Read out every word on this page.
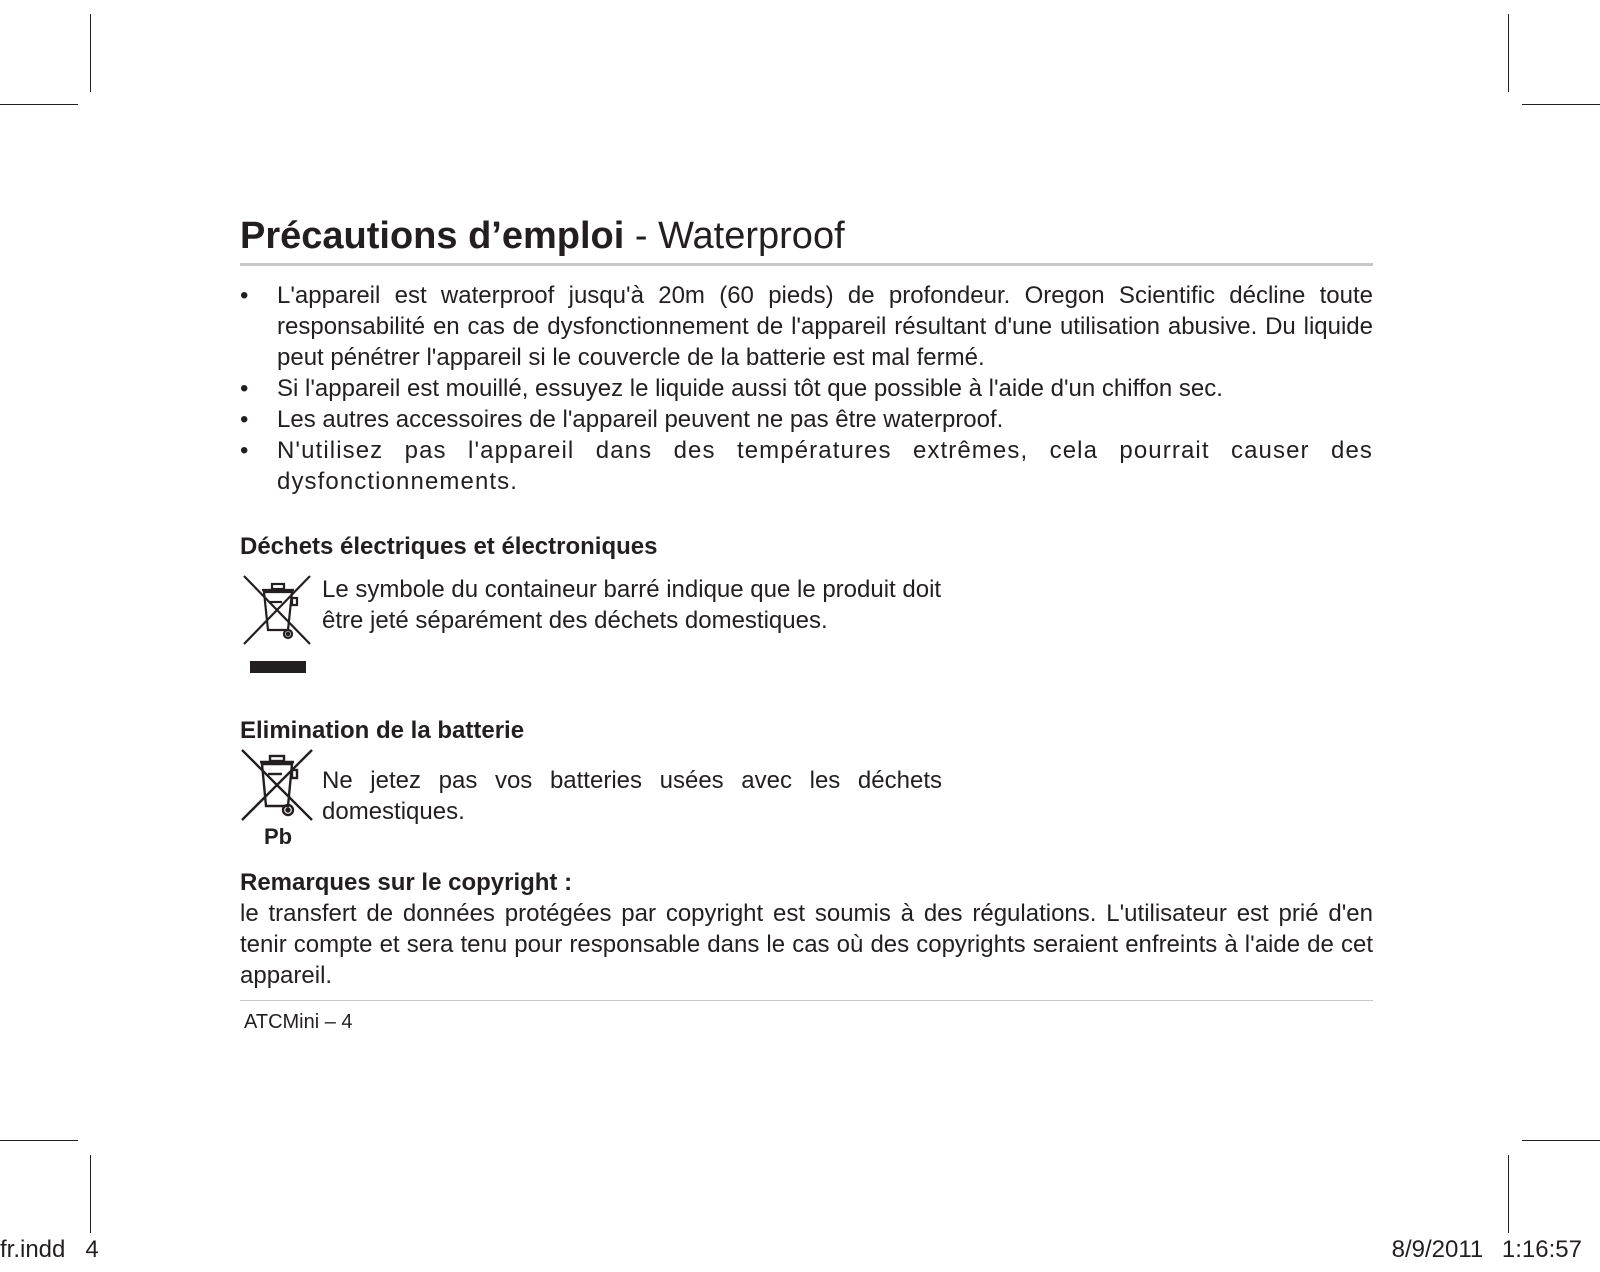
Précautions d’emploi - Waterproof
• L'appareil est waterproof jusqu'à 20m (60 pieds) de profondeur. Oregon Scientific décline toute responsabilité en cas de dysfonctionnement de l'appareil résultant d'une utilisation abusive. Du liquide peut pénétrer l'appareil si le couvercle de la batterie est mal fermé.
• Si l'appareil est mouillé, essuyez le liquide aussi tôt que possible à l'aide d'un chiffon sec.
• Les autres accessoires de l'appareil peuvent ne pas être waterproof.
• N'utilisez pas l'appareil dans des températures extrêmes, cela pourrait causer des dysfonctionnements.
Déchets électriques et électroniques
Le symbole du containeur barré indique que le produit doit être jeté séparément des déchets domestiques.
Elimination de la batterie
Pb
Ne jetez pas vos batteries usées avec les déchets domestiques.
Remarques sur le copyright :

le transfert de données protégées par copyright est soumis à des régulations. L'utilisateur est prié d'en tenir compte et sera tenu pour responsable dans le cas où des copyrights seraient enfreints à l'aide de cet appareil.

ATCMini – 4
fr.indd   4	8/9/2011 1:16:57
